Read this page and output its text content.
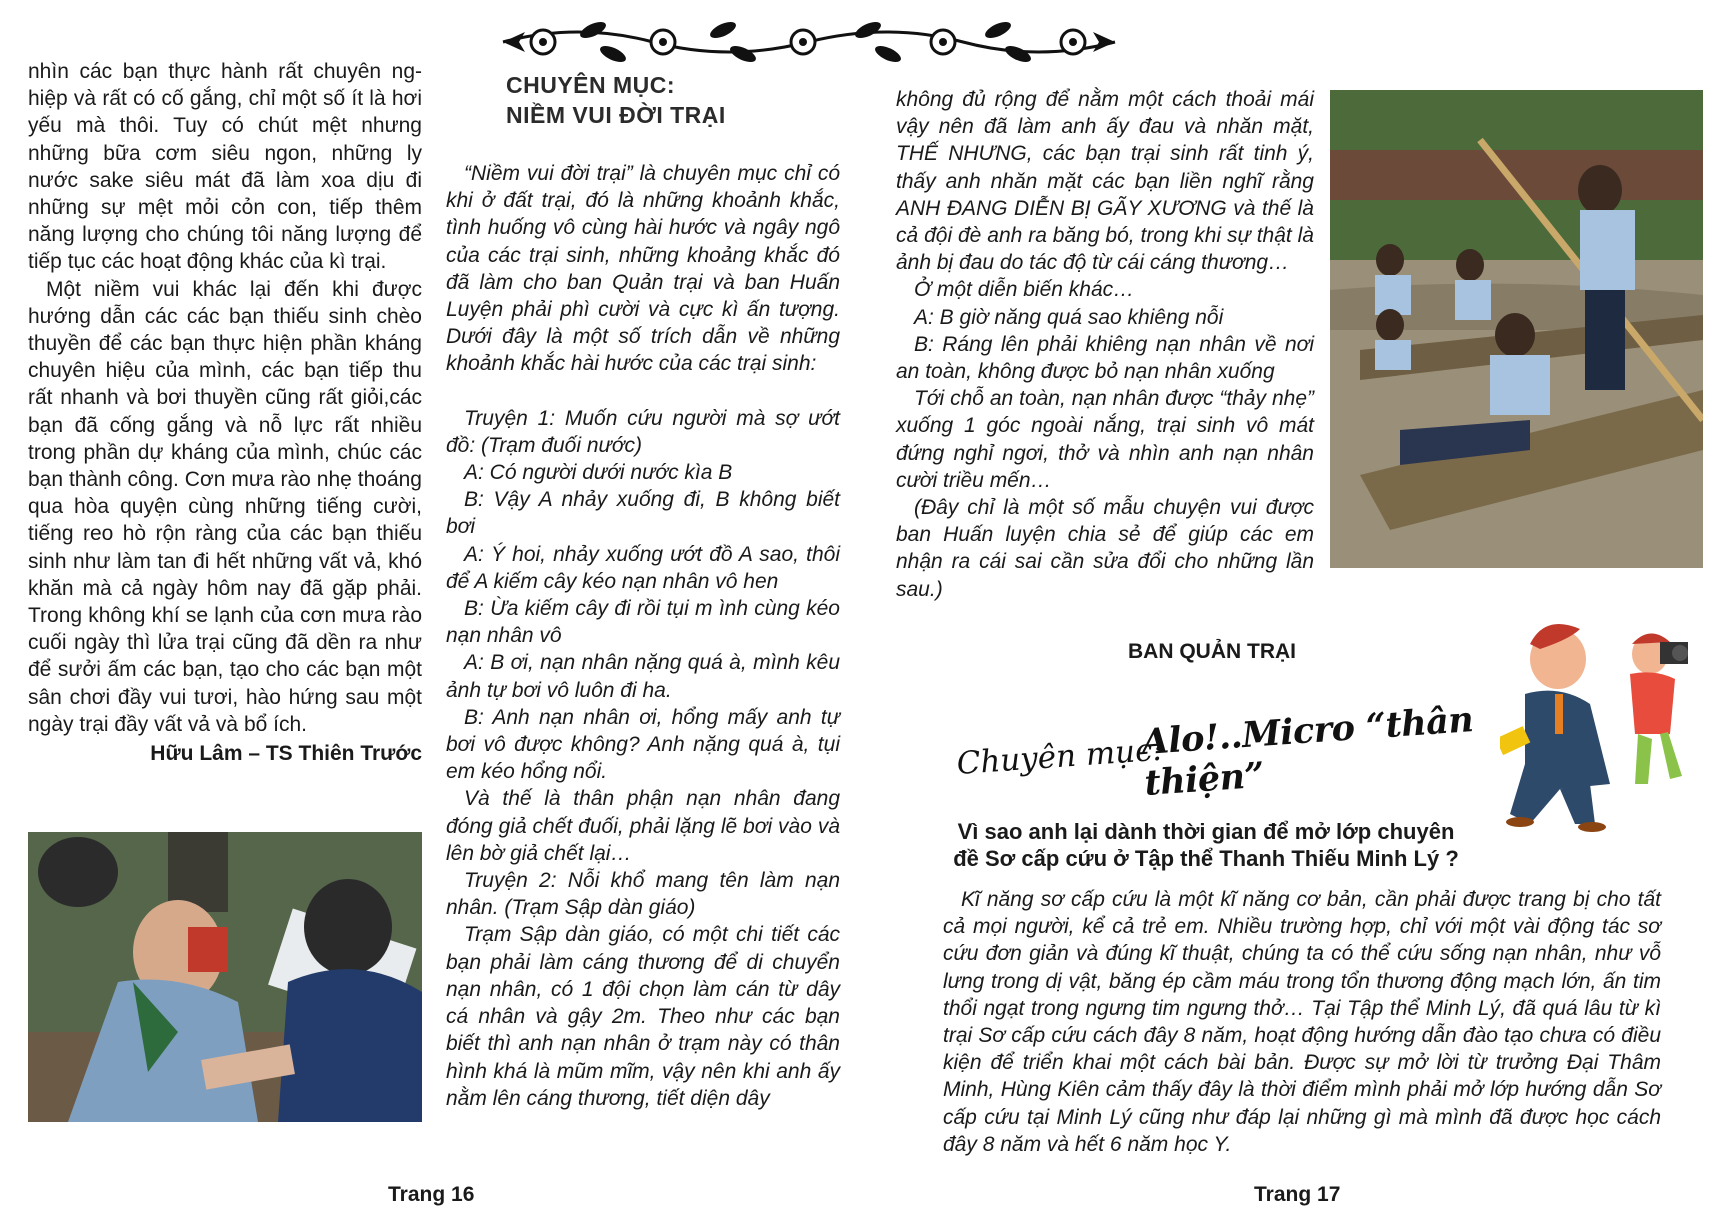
nhìn các bạn thực hành rất chuyên ng-hiệp và rất có cố gắng, chỉ một số ít là hơi yếu mà thôi. Tuy có chút mệt nhưng những bữa cơm siêu ngon, những ly nước sake siêu mát đã làm xoa dịu đi những sự mệt mỏi cỏn con, tiếp thêm năng lượng cho chúng tôi năng lượng để tiếp tục các hoạt động khác của kì trại.

Một niềm vui khác lại đến khi được hướng dẫn các các bạn thiếu sinh chèo thuyền để các bạn thực hiện phần kháng chuyên hiệu của mình, các bạn tiếp thu rất nhanh và bơi thuyền cũng rất giỏi,các bạn đã cống gắng và nỗ lực rất nhiều trong phần dự kháng của mình, chúc các bạn thành công. Cơn mưa rào nhẹ thoáng qua hòa quyện cùng những tiếng cười, tiếng reo hò rộn ràng của các bạn thiếu sinh như làm tan đi hết những vất vả, khó khăn mà cả ngày hôm nay đã gặp phải. Trong không khí se lạnh của cơn mưa rào cuối ngày thì lửa trại cũng đã dền ra như để sưởi ấm các bạn, tạo cho các bạn một sân chơi đầy vui tươi, hào hứng sau một ngày trại đầy vất vả và bổ ích.

Hữu Lâm – TS Thiên Trước

CHUYÊN MỤC:
NIỀM VUI ĐỜI TRẠI

“Niềm vui đời trại” là chuyên mục chỉ có khi ở đất trại, đó là những khoảnh khắc, tình huống vô cùng hài hước và ngây ngô của các trại sinh, những khoảng khắc đó đã làm cho ban Quản trại và ban Huấn Luyện phải phì cười và cực kì ấn tượng. Dưới đây là một số trích dẫn về những khoảnh khắc hài hước của các trại sinh:

Truyện 1: Muốn cứu người mà sợ ướt đồ: (Trạm đuối nước)

A: Có người dưới nước kìa B

B: Vậy A nhảy xuống đi, B không biết bơi

A: Ý hoi, nhảy xuống ướt đồ A sao, thôi để A kiếm cây kéo nạn nhân vô hen

B: Ừa kiếm cây đi rồi tụi m ình cùng kéo nạn nhân vô

A: B ơi, nạn nhân nặng quá à, mình kêu ảnh tự bơi vô luôn đi ha.

B: Anh nạn nhân ơi, hổng mấy anh tự bơi vô được không? Anh nặng quá à, tụi em kéo hổng nổi.

Và thế là thân phận nạn nhân đang đóng giả chết đuối, phải lặng lẽ bơi vào và lên bờ giả chết lại…

Truyện 2: Nỗi khổ mang tên làm nạn nhân. (Trạm Sập dàn giáo)

Trạm Sập dàn giáo, có một chi tiết các bạn phải làm cáng thương để di chuyển nạn nhân, có 1 đội chọn làm cán từ dây cá nhân và gậy 2m. Theo như các bạn biết thì anh nạn nhân ở trạm này có thân hình khá là mũm mĩm, vậy nên khi anh ấy nằm lên cáng thương, tiết diện dây

Trang 16

không đủ rộng để nằm một cách thoải mái vậy nên đã làm anh ấy đau và nhăn mặt, THẾ NHƯNG, các bạn trại sinh rất tinh ý, thấy anh nhăn mặt các bạn liền nghĩ rằng ANH ĐANG DIỄN BỊ GÃY XƯƠNG và thế là cả đội đè anh ra băng bó, trong khi sự thật là ảnh bị đau do tác độ từ cái cáng thương…

Ở một diễn biến khác…

A: B giờ năng quá sao khiêng nỗi

B: Ráng lên phải khiêng nạn nhân về nơi an toàn, không được bỏ nạn nhân xuống

Tới chỗ an toàn, nạn nhân được “thảy nhẹ” xuống 1 góc ngoài nắng, trại sinh vô mát đứng nghỉ ngơi, thở và nhìn anh nạn nhân cười triều mến…

(Đây chỉ là một số mẫu chuyện vui được ban Huấn luyện chia sẻ để giúp các em nhận ra cái sai cần sửa đổi cho những lần sau.)

BAN QUẢN TRẠI
Chuyên mục:
Alo!..Micro “thân thiện”
Vì sao anh lại dành thời gian để mở lớp chuyên đề Sơ cấp cứu ở Tập thể Thanh Thiếu Minh Lý ?

Kĩ năng sơ cấp cứu là một kĩ năng cơ bản, cần phải được trang bị cho tất cả mọi người, kể cả trẻ em. Nhiều trường hợp, chỉ với một vài động tác sơ cứu đơn giản và đúng kĩ thuật, chúng ta có thể cứu sống nạn nhân, như vỗ lưng trong dị vật, băng ép cầm máu trong tổn thương động mạch lớn, ấn tim thổi ngạt trong ngưng tim ngưng thở… Tại Tập thể Minh Lý, đã quá lâu từ kì trại Sơ cấp cứu cách đây 8 năm, hoạt động hướng dẫn đào tạo chưa có điều kiện để triển khai một cách bài bản. Được sự mở lời từ trưởng Đại Thâm Minh, Hùng Kiên cảm thấy đây là thời điểm mình phải mở lớp hướng dẫn Sơ cấp cứu tại Minh Lý cũng như đáp lại những gì mà mình đã được học cách đây 8 năm và hết 6 năm học Y.

Trang 17
